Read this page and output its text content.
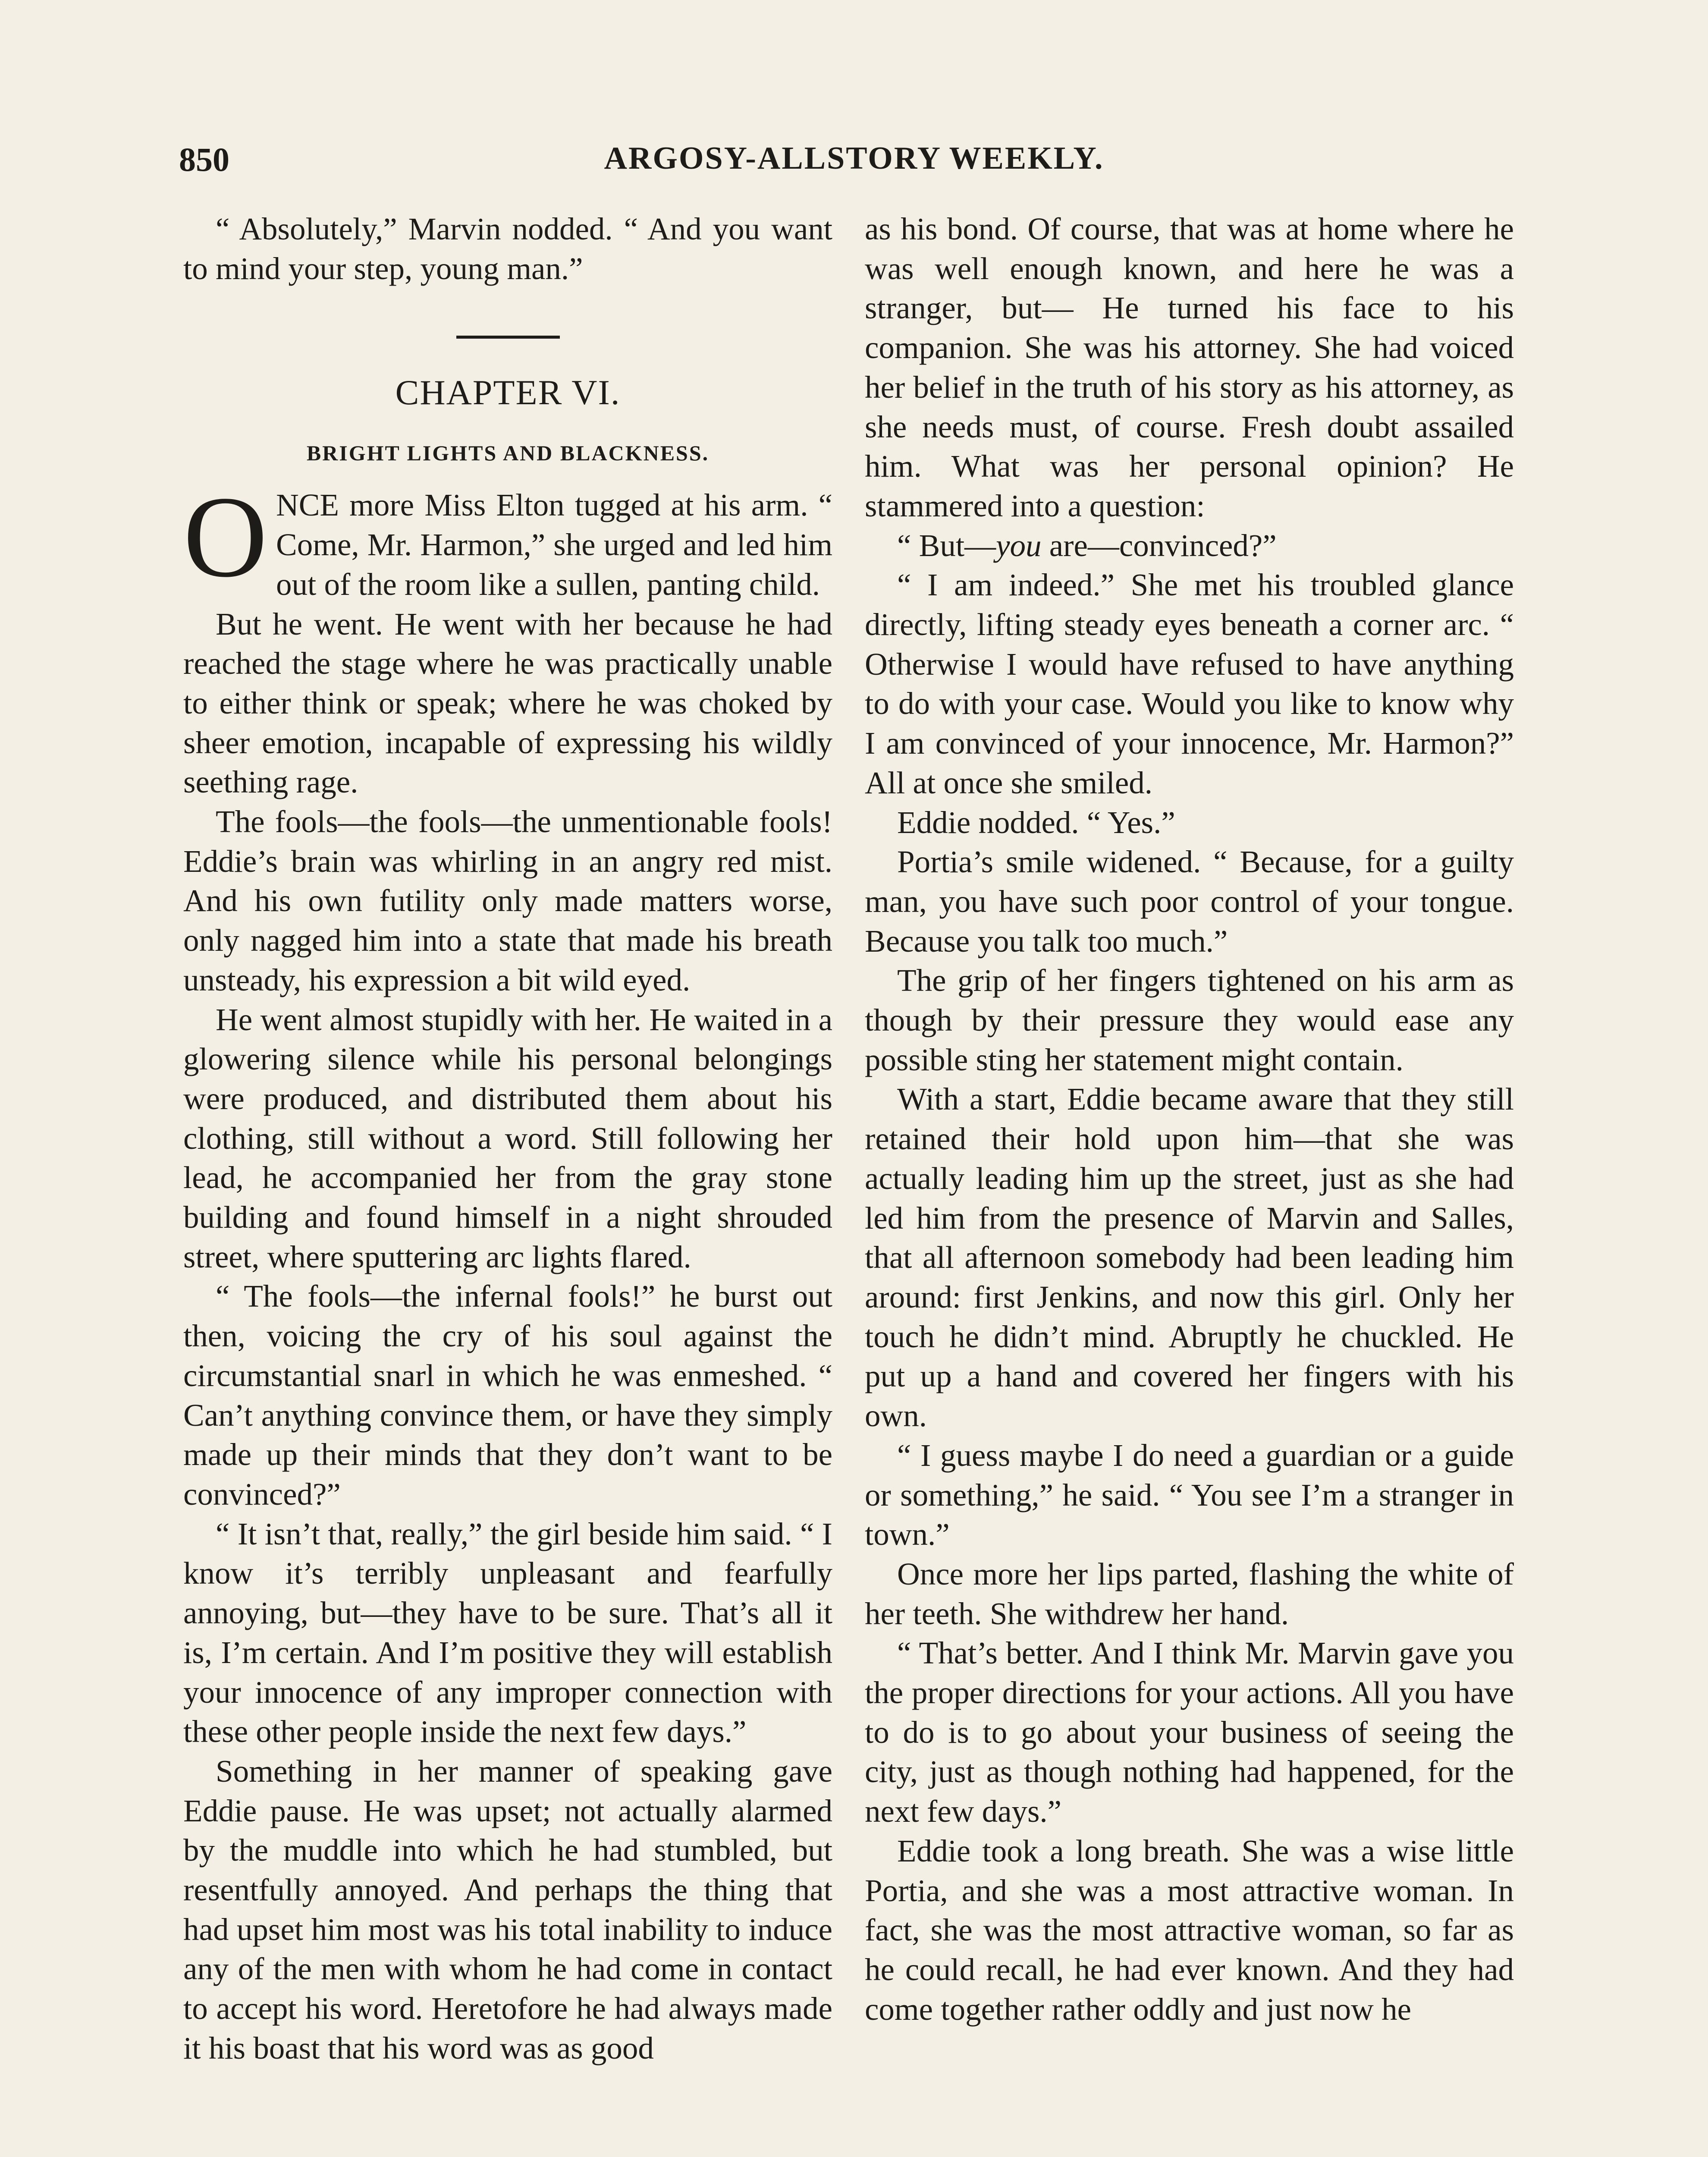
850	ARGOSY-ALLSTORY WEEKLY.

“ Absolutely,” Marvin nodded. “ And you want to mind your step, young man.”

CHAPTER VI.
BRIGHT LIGHTS AND BLACKNESS.

ONCE more Miss Elton tugged at his arm. “ Come, Mr. Harmon,” she urged and led him out of the room like a sullen, panting child.

But he went. He went with her because he had reached the stage where he was practically unable to either think or speak; where he was choked by sheer emotion, incapable of expressing his wildly seething rage.

The fools—the fools—the unmentionable fools! Eddie’s brain was whirling in an angry red mist. And his own futility only made matters worse, only nagged him into a state that made his breath unsteady, his expression a bit wild eyed.

He went almost stupidly with her. He waited in a glowering silence while his personal belongings were produced, and distributed them about his clothing, still without a word. Still following her lead, he accompanied her from the gray stone building and found himself in a night shrouded street, where sputtering arc lights flared.

“ The fools—the infernal fools!” he burst out then, voicing the cry of his soul against the circumstantial snarl in which he was enmeshed. “ Can’t anything convince them, or have they simply made up their minds that they don’t want to be convinced?”

“ It isn’t that, really,” the girl beside him said. “ I know it’s terribly unpleasant and fearfully annoying, but—they have to be sure. That’s all it is, I’m certain. And I’m positive they will establish your innocence of any improper connection with these other people inside the next few days.”

Something in her manner of speaking gave Eddie pause. He was upset; not actually alarmed by the muddle into which he had stumbled, but resentfully annoyed. And perhaps the thing that had upset him most was his total inability to induce any of the men with whom he had come in contact to accept his word. Heretofore he had always made it his boast that his word was as good

as his bond. Of course, that was at home where he was well enough known, and here he was a stranger, but— He turned his face to his companion. She was his attorney. She had voiced her belief in the truth of his story as his attorney, as she needs must, of course. Fresh doubt assailed him. What was her personal opinion? He stammered into a question:

“ But—you are—convinced?”

“ I am indeed.” She met his troubled glance directly, lifting steady eyes beneath a corner arc. “ Otherwise I would have refused to have anything to do with your case. Would you like to know why I am convinced of your innocence, Mr. Harmon?” All at once she smiled.

Eddie nodded. “ Yes.”

Portia’s smile widened. “ Because, for a guilty man, you have such poor control of your tongue. Because you talk too much.”

The grip of her fingers tightened on his arm as though by their pressure they would ease any possible sting her statement might contain.

With a start, Eddie became aware that they still retained their hold upon him—that she was actually leading him up the street, just as she had led him from the presence of Marvin and Salles, that all afternoon somebody had been leading him around: first Jenkins, and now this girl. Only her touch he didn’t mind. Abruptly he chuckled. He put up a hand and covered her fingers with his own.

“ I guess maybe I do need a guardian or a guide or something,” he said. “ You see I’m a stranger in town.”

Once more her lips parted, flashing the white of her teeth. She withdrew her hand.

“ That’s better. And I think Mr. Marvin gave you the proper directions for your actions. All you have to do is to go about your business of seeing the city, just as though nothing had happened, for the next few days.”

Eddie took a long breath. She was a wise little Portia, and she was a most attractive woman. In fact, she was the most attractive woman, so far as he could recall, he had ever known. And they had come together rather oddly and just now he
